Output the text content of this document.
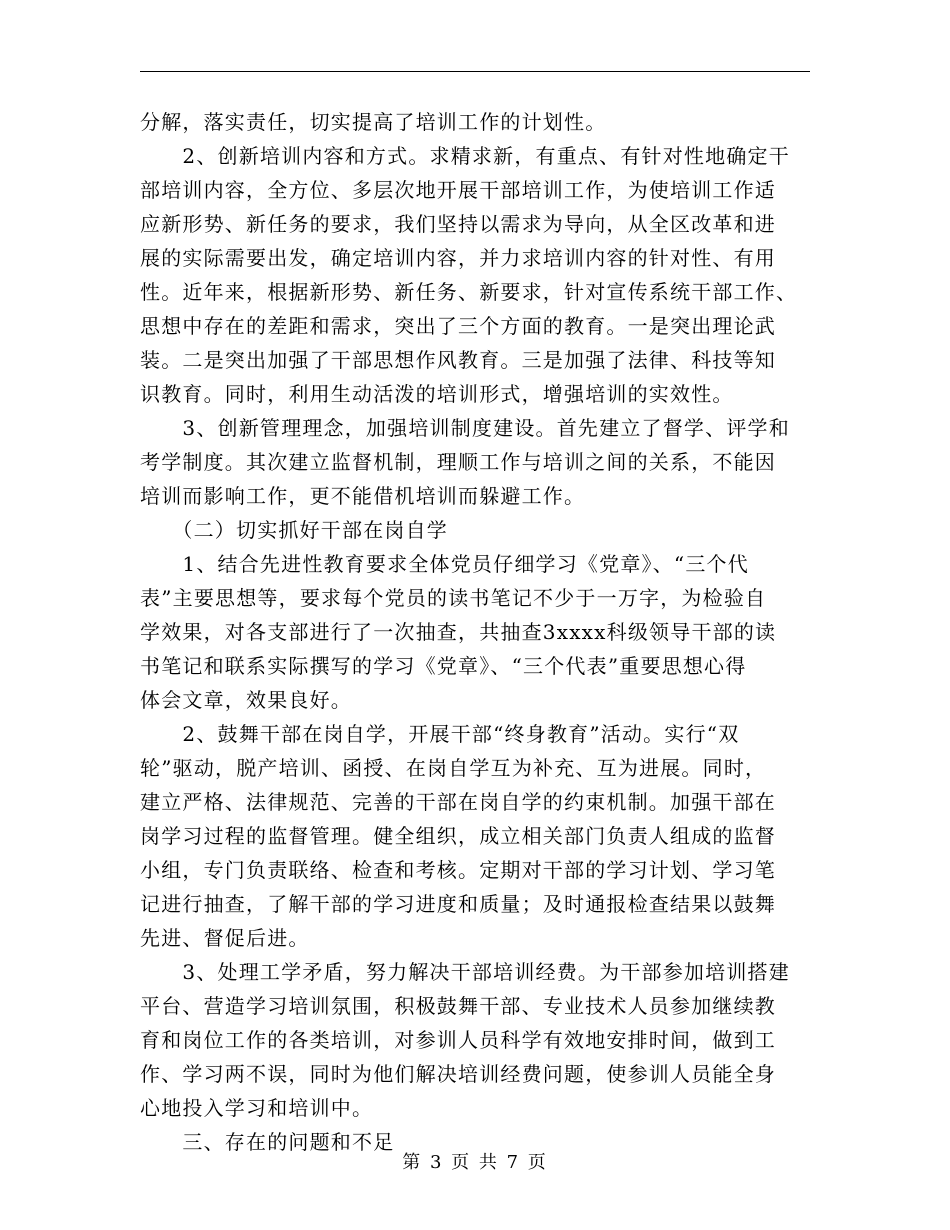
分解，落实责任，切实提高了培训工作的计划性。
　　2、创新培训内容和方式。求精求新，有重点、有针对性地确定干
部培训内容，全方位、多层次地开展干部培训工作，为使培训工作适
应新形势、新任务的要求，我们坚持以需求为导向，从全区改革和进
展的实际需要出发，确定培训内容，并力求培训内容的针对性、有用
性。近年来，根据新形势、新任务、新要求，针对宣传系统干部工作、
思想中存在的差距和需求，突出了三个方面的教育。一是突出理论武
装。二是突出加强了干部思想作风教育。三是加强了法律、科技等知
识教育。同时，利用生动活泼的培训形式，增强培训的实效性。
　　3、创新管理理念，加强培训制度建设。首先建立了督学、评学和
考学制度。其次建立监督机制，理顺工作与培训之间的关系，不能因
培训而影响工作，更不能借机培训而躲避工作。
　　（二）切实抓好干部在岗自学
　　1、结合先进性教育要求全体党员仔细学习《党章》、“三个代
表”主要思想等，要求每个党员的读书笔记不少于一万字，为检验自
学效果，对各支部进行了一次抽查，共抽查3xxxx科级领导干部的读
书笔记和联系实际撰写的学习《党章》、“三个代表”重要思想心得
体会文章，效果良好。
　　2、鼓舞干部在岗自学，开展干部“终身教育”活动。实行“双
轮”驱动，脱产培训、函授、在岗自学互为补充、互为进展。同时，
建立严格、法律规范、完善的干部在岗自学的约束机制。加强干部在
岗学习过程的监督管理。健全组织，成立相关部门负责人组成的监督
小组，专门负责联络、检查和考核。定期对干部的学习计划、学习笔
记进行抽查，了解干部的学习进度和质量；及时通报检查结果以鼓舞
先进、督促后进。
　　3、处理工学矛盾，努力解决干部培训经费。为干部参加培训搭建
平台、营造学习培训氛围，积极鼓舞干部、专业技术人员参加继续教
育和岗位工作的各类培训，对参训人员科学有效地安排时间，做到工
作、学习两不误，同时为他们解决培训经费问题，使参训人员能全身
心地投入学习和培训中。
　　三、存在的问题和不足
第 3 页 共 7 页
